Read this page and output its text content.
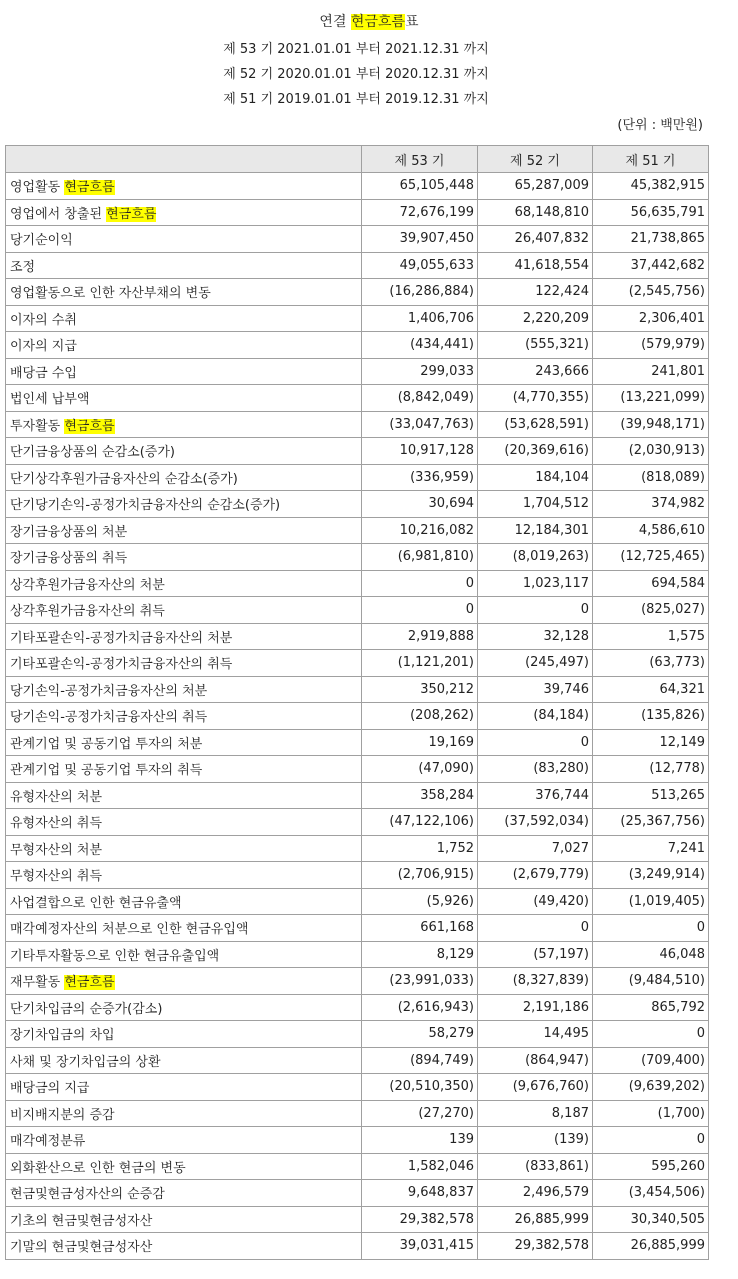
연결 현금흐름표
제 53 기 2021.01.01 부터 2021.12.31 까지
제 52 기 2020.01.01 부터 2020.12.31 까지
제 51 기 2019.01.01 부터 2019.12.31 까지
(단위 : 백만원)
	제 53 기	제 52 기	제 51 기
영업활동 현금흐름	65,105,448	65,287,009	45,382,915
영업에서 창출된 현금흐름	72,676,199	68,148,810	56,635,791
당기순이익	39,907,450	26,407,832	21,738,865
조정	49,055,633	41,618,554	37,442,682
영업활동으로 인한 자산부채의 변동	(16,286,884)	122,424	(2,545,756)
이자의 수취	1,406,706	2,220,209	2,306,401
이자의 지급	(434,441)	(555,321)	(579,979)
배당금 수입	299,033	243,666	241,801
법인세 납부액	(8,842,049)	(4,770,355)	(13,221,099)
투자활동 현금흐름	(33,047,763)	(53,628,591)	(39,948,171)
단기금융상품의 순감소(증가)	10,917,128	(20,369,616)	(2,030,913)
단기상각후원가금융자산의 순감소(증가)	(336,959)	184,104	(818,089)
단기당기손익-공정가치금융자산의 순감소(증가)	30,694	1,704,512	374,982
장기금융상품의 처분	10,216,082	12,184,301	4,586,610
장기금융상품의 취득	(6,981,810)	(8,019,263)	(12,725,465)
상각후원가금융자산의 처분	0	1,023,117	694,584
상각후원가금융자산의 취득	0	0	(825,027)
기타포괄손익-공정가치금융자산의 처분	2,919,888	32,128	1,575
기타포괄손익-공정가치금융자산의 취득	(1,121,201)	(245,497)	(63,773)
당기손익-공정가치금융자산의 처분	350,212	39,746	64,321
당기손익-공정가치금융자산의 취득	(208,262)	(84,184)	(135,826)
관계기업 및 공동기업 투자의 처분	19,169	0	12,149
관계기업 및 공동기업 투자의 취득	(47,090)	(83,280)	(12,778)
유형자산의 처분	358,284	376,744	513,265
유형자산의 취득	(47,122,106)	(37,592,034)	(25,367,756)
무형자산의 처분	1,752	7,027	7,241
무형자산의 취득	(2,706,915)	(2,679,779)	(3,249,914)
사업결합으로 인한 현금유출액	(5,926)	(49,420)	(1,019,405)
매각예정자산의 처분으로 인한 현금유입액	661,168	0	0
기타투자활동으로 인한 현금유출입액	8,129	(57,197)	46,048
재무활동 현금흐름	(23,991,033)	(8,327,839)	(9,484,510)
단기차입금의 순증가(감소)	(2,616,943)	2,191,186	865,792
장기차입금의 차입	58,279	14,495	0
사채 및 장기차입금의 상환	(894,749)	(864,947)	(709,400)
배당금의 지급	(20,510,350)	(9,676,760)	(9,639,202)
비지배지분의 증감	(27,270)	8,187	(1,700)
매각예정분류	139	(139)	0
외화환산으로 인한 현금의 변동	1,582,046	(833,861)	595,260
현금및현금성자산의 순증감	9,648,837	2,496,579	(3,454,506)
기초의 현금및현금성자산	29,382,578	26,885,999	30,340,505
기말의 현금및현금성자산	39,031,415	29,382,578	26,885,999
